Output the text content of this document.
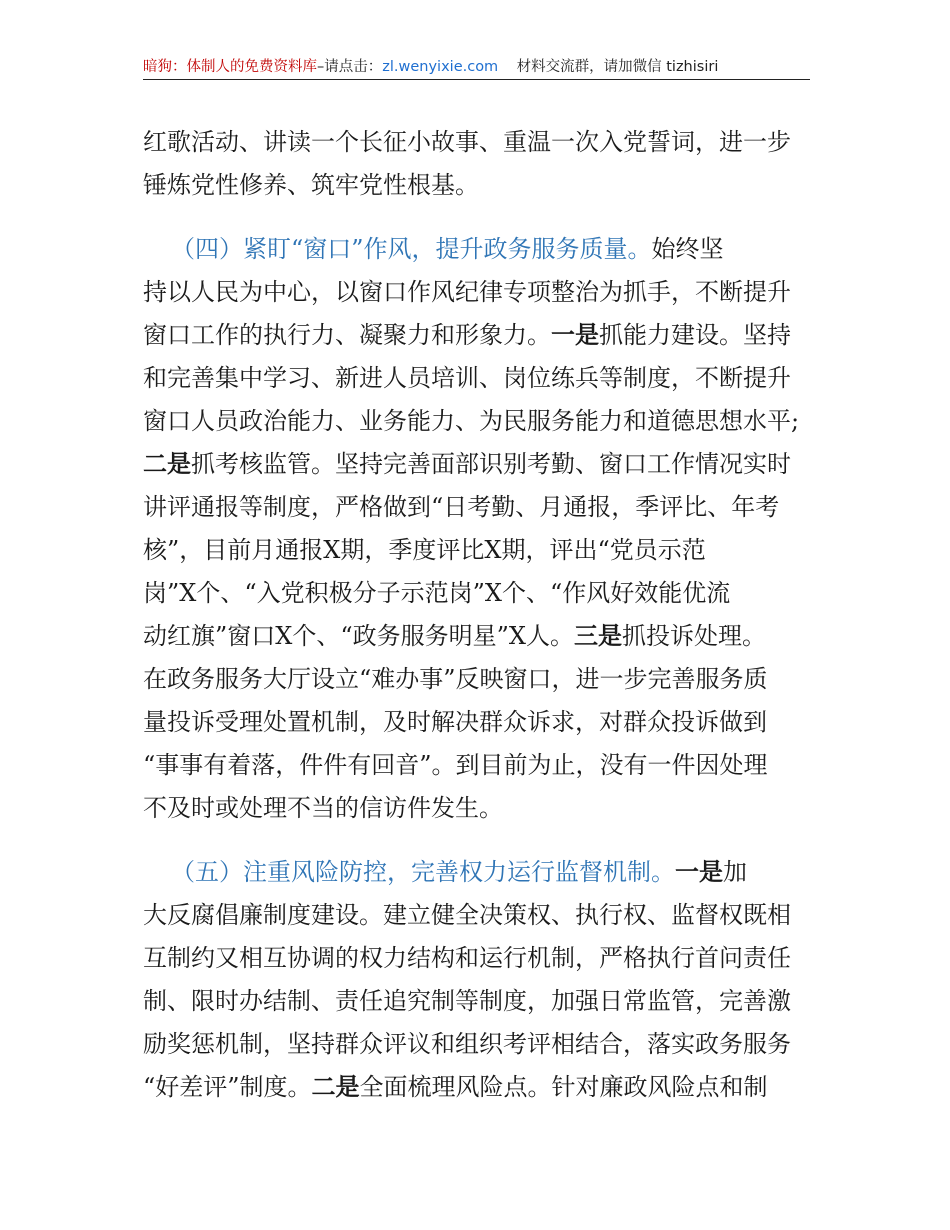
暗狗：体制人的免费资料库–请点击：zl.wenyixie.com 材料交流群，请加微信 tizhisiri
红歌活动、讲读一个长征小故事、重温一次入党誓词，进一步
锤炼党性修养、筑牢党性根基。
（四）紧盯“窗口”作风，提升政务服务质量。始终坚
持以人民为中心，以窗口作风纪律专项整治为抓手，不断提升
窗口工作的执行力、凝聚力和形象力。一是抓能力建设。坚持
和完善集中学习、新进人员培训、岗位练兵等制度，不断提升
窗口人员政治能力、业务能力、为民服务能力和道德思想水平;
二是抓考核监管。坚持完善面部识别考勤、窗口工作情况实时
讲评通报等制度，严格做到“日考勤、月通报，季评比、年考
核”，目前月通报X期，季度评比X期，评出“党员示范
岗”X个、“入党积极分子示范岗”X个、“作风好效能优流
动红旗”窗口X个、“政务服务明星”X人。三是抓投诉处理。
在政务服务大厅设立“难办事”反映窗口，进一步完善服务质
量投诉受理处置机制，及时解决群众诉求，对群众投诉做到
“事事有着落，件件有回音”。到目前为止，没有一件因处理
不及时或处理不当的信访件发生。
（五）注重风险防控，完善权力运行监督机制。一是加
大反腐倡廉制度建设。建立健全决策权、执行权、监督权既相
互制约又相互协调的权力结构和运行机制，严格执行首问责任
制、限时办结制、责任追究制等制度，加强日常监管，完善激
励奖惩机制，坚持群众评议和组织考评相结合，落实政务服务
“好差评”制度。二是全面梳理风险点。针对廉政风险点和制
